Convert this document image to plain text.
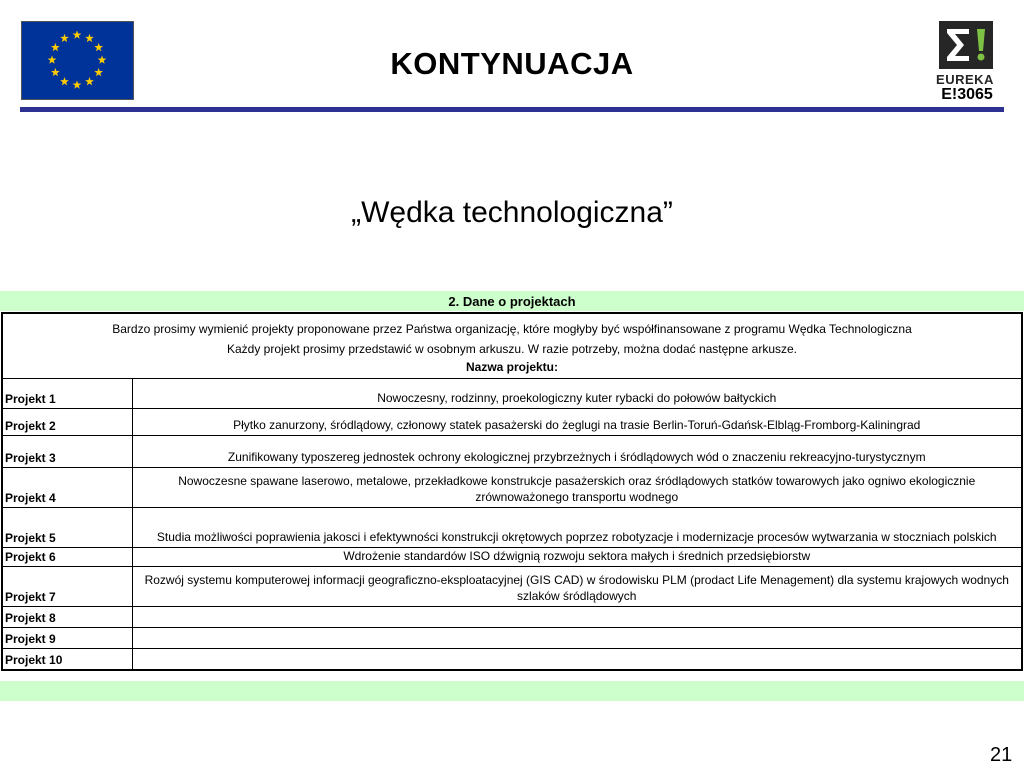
KONTYNUACJA	EUREKA
E!3065
„Wędka technologiczna”
2. Dane o projektach
Bardzo prosimy wymienić projekty proponowane przez Państwa organizację, które mogłyby być współfinansowane z programu Wędka Technologiczna
Każdy projekt prosimy przedstawić w osobnym arkuszu. W razie potrzeby, można dodać następne arkusze.
Nazwa projektu:	

Projekt 1	Nowoczesny, rodzinny, proekologiczny kuter rybacki do połowów bałtyckich
Projekt 2	Płytko zanurzony, śródlądowy, członowy statek pasażerski do żeglugi na trasie Berlin-Toruń-Gdańsk-Elbląg-Fromborg-Kaliningrad
Projekt 3	Zunifikowany typoszereg jednostek ochrony ekologicznej przybrzeżnych i śródlądowych wód o znaczeniu rekreacyjno-turystycznym
Projekt 4	Nowoczesne spawane laserowo, metalowe, przekładkowe konstrukcje pasażerskich oraz śródlądowych statków towarowych jako ogniwo ekologicznie zrównoważonego transportu wodnego
Projekt 5	Studia możliwości poprawienia jakosci i efektywności konstrukcji okrętowych poprzez robotyzacje i modernizacje procesów wytwarzania w stoczniach polskich
Projekt 6	Wdrożenie standardów ISO dźwignią rozwoju sektora małych i średnich przedsiębiorstw
Projekt 7	Rozwój systemu komputerowej informacji geograficzno-eksploatacyjnej (GIS CAD) w środowisku PLM (prodact Life Menagement) dla systemu krajowych wodnych szlaków śródlądowych
Projekt 8	
Projekt 9	
Projekt 10	
21
